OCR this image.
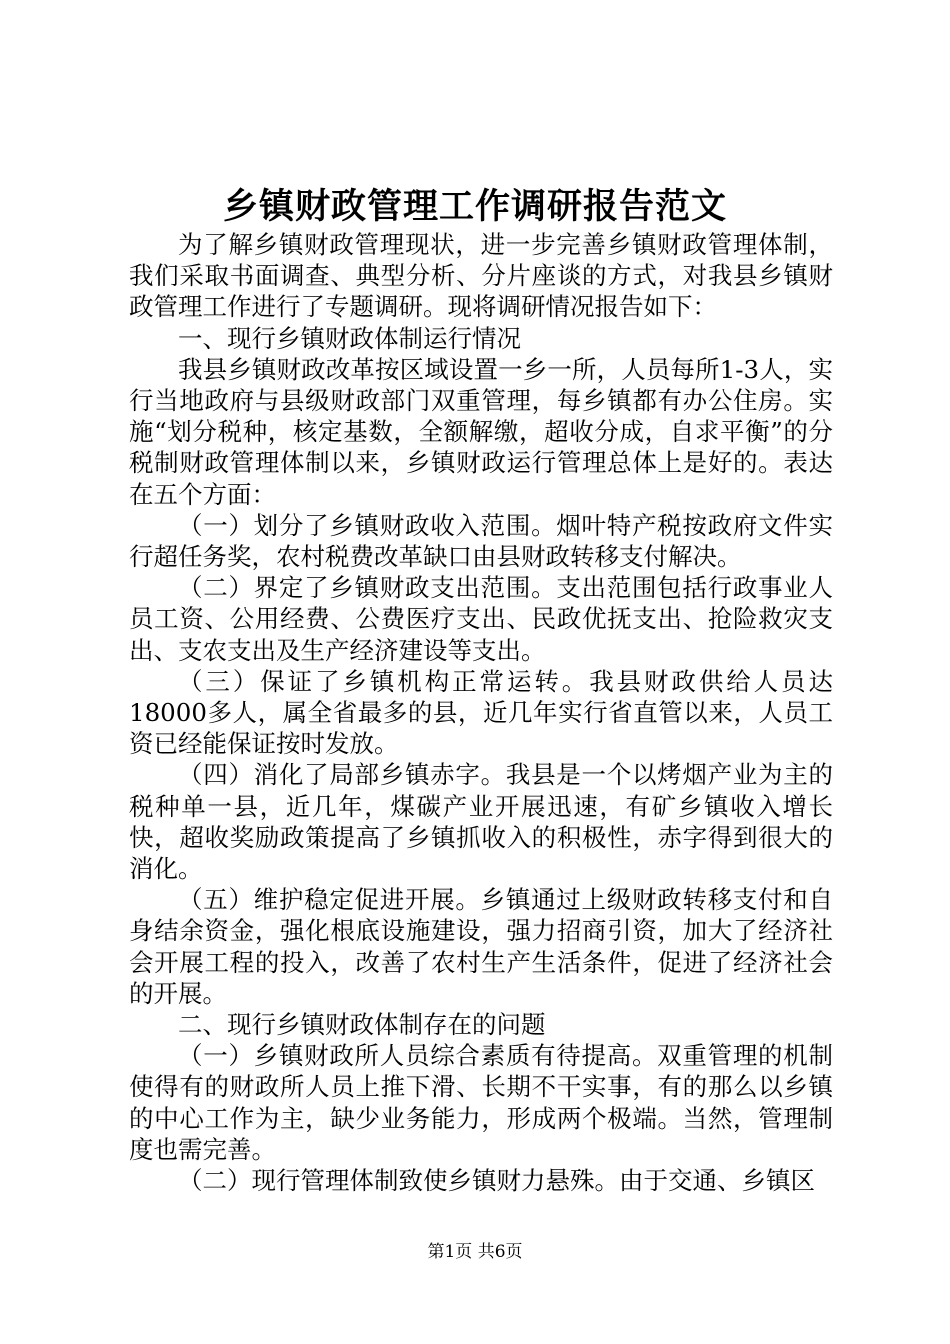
乡镇财政管理工作调研报告范文

为了解乡镇财政管理现状，进一步完善乡镇财政管理体制，我们采取书面调查、典型分析、分片座谈的方式，对我县乡镇财政管理工作进行了专题调研。现将调研情况报告如下：

一、现行乡镇财政体制运行情况

我县乡镇财政改革按区域设置一乡一所，人员每所1-3人，实行当地政府与县级财政部门双重管理，每乡镇都有办公住房。实施“划分税种，核定基数，全额解缴，超收分成，自求平衡”的分税制财政管理体制以来，乡镇财政运行管理总体上是好的。表达在五个方面：

（一）划分了乡镇财政收入范围。烟叶特产税按政府文件实行超任务奖，农村税费改革缺口由县财政转移支付解决。

（二）界定了乡镇财政支出范围。支出范围包括行政事业人员工资、公用经费、公费医疗支出、民政优抚支出、抢险救灾支出、支农支出及生产经济建设等支出。

（三）保证了乡镇机构正常运转。我县财政供给人员达18000多人，属全省最多的县，近几年实行省直管以来，人员工资已经能保证按时发放。

（四）消化了局部乡镇赤字。我县是一个以烤烟产业为主的税种单一县，近几年，煤碳产业开展迅速，有矿乡镇收入增长快，超收奖励政策提高了乡镇抓收入的积极性，赤字得到很大的消化。

（五）维护稳定促进开展。乡镇通过上级财政转移支付和自身结余资金，强化根底设施建设，强力招商引资，加大了经济社会开展工程的投入，改善了农村生产生活条件，促进了经济社会的开展。

二、现行乡镇财政体制存在的问题

（一）乡镇财政所人员综合素质有待提高。双重管理的机制使得有的财政所人员上推下滑、长期不干实事，有的那么以乡镇的中心工作为主，缺少业务能力，形成两个极端。当然，管理制度也需完善。

（二）现行管理体制致使乡镇财力悬殊。由于交通、乡镇区

第1页 共6页
